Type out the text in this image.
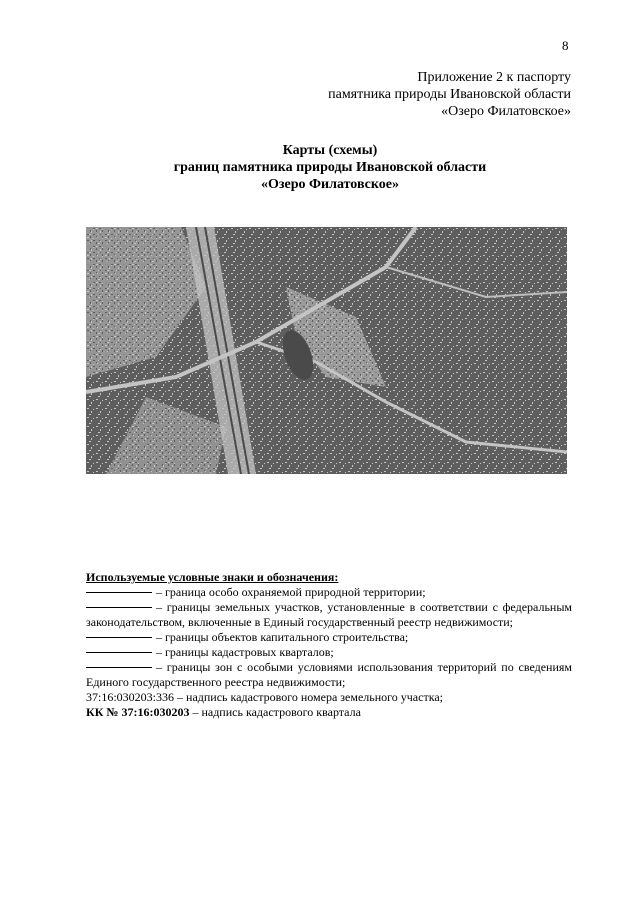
8
Приложение 2 к паспорту
памятника природы Ивановской области
«Озеро Филатовское»
Карты (схемы)
границ памятника природы Ивановской области
«Озеро Филатовское»
Используемые условные знаки и обозначения:
– граница особо охраняемой природной территории;
– границы земельных участков, установленные в соответствии с федеральным законодательством, включенные в Единый государственный реестр недвижимости;
– границы объектов капитального строительства;
– границы кадастровых кварталов;
– границы зон с особыми условиями использования территорий по сведениям Единого государственного реестра недвижимости;
37:16:030203:336 – надпись кадастрового номера земельного участка;
КК № 37:16:030203 – надпись кадастрового квартала
